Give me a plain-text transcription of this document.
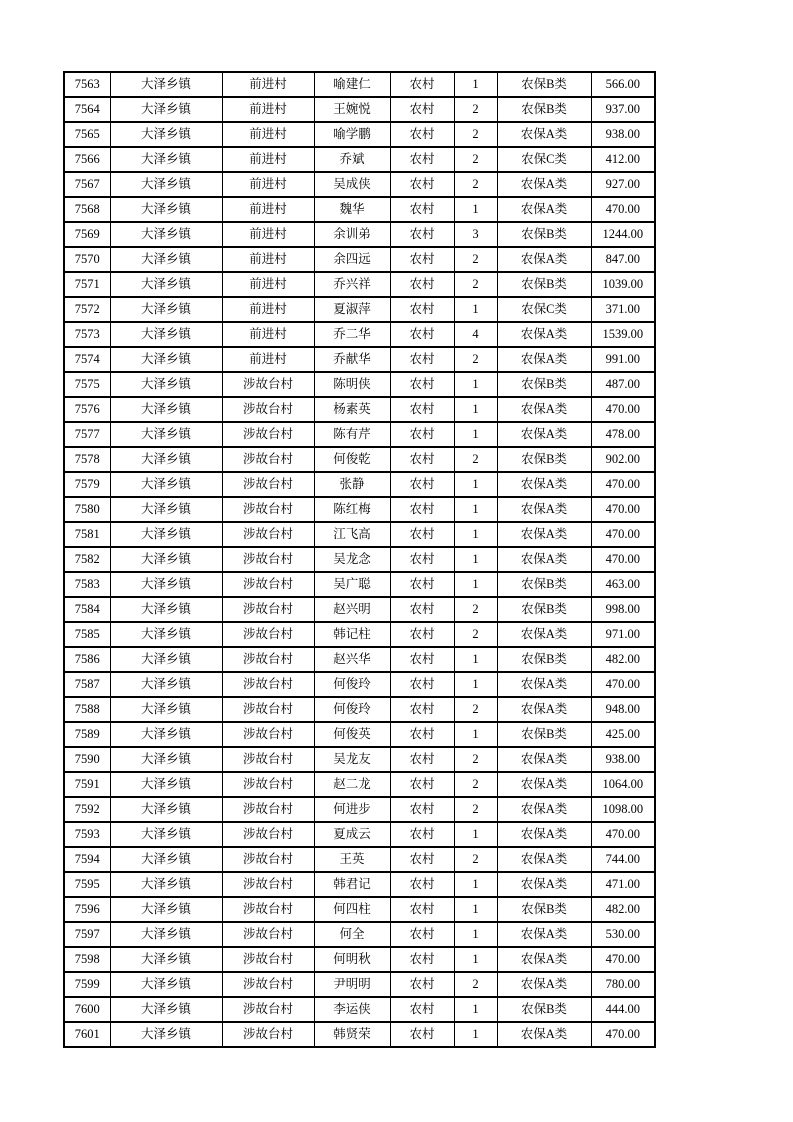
7563	大泽乡镇	前进村	喻建仁	农村	1	农保B类	566.00
7564	大泽乡镇	前进村	王婉悦	农村	2	农保B类	937.00
7565	大泽乡镇	前进村	喻学鹏	农村	2	农保A类	938.00
7566	大泽乡镇	前进村	乔斌	农村	2	农保C类	412.00
7567	大泽乡镇	前进村	吴成侠	农村	2	农保A类	927.00
7568	大泽乡镇	前进村	魏华	农村	1	农保A类	470.00
7569	大泽乡镇	前进村	余训弟	农村	3	农保B类	1244.00
7570	大泽乡镇	前进村	余四远	农村	2	农保A类	847.00
7571	大泽乡镇	前进村	乔兴祥	农村	2	农保B类	1039.00
7572	大泽乡镇	前进村	夏淑萍	农村	1	农保C类	371.00
7573	大泽乡镇	前进村	乔二华	农村	4	农保A类	1539.00
7574	大泽乡镇	前进村	乔献华	农村	2	农保A类	991.00
7575	大泽乡镇	涉故台村	陈明侠	农村	1	农保B类	487.00
7576	大泽乡镇	涉故台村	杨素英	农村	1	农保A类	470.00
7577	大泽乡镇	涉故台村	陈有芹	农村	1	农保A类	478.00
7578	大泽乡镇	涉故台村	何俊乾	农村	2	农保B类	902.00
7579	大泽乡镇	涉故台村	张静	农村	1	农保A类	470.00
7580	大泽乡镇	涉故台村	陈红梅	农村	1	农保A类	470.00
7581	大泽乡镇	涉故台村	江飞高	农村	1	农保A类	470.00
7582	大泽乡镇	涉故台村	吴龙念	农村	1	农保A类	470.00
7583	大泽乡镇	涉故台村	吴广聪	农村	1	农保B类	463.00
7584	大泽乡镇	涉故台村	赵兴明	农村	2	农保B类	998.00
7585	大泽乡镇	涉故台村	韩记柱	农村	2	农保A类	971.00
7586	大泽乡镇	涉故台村	赵兴华	农村	1	农保B类	482.00
7587	大泽乡镇	涉故台村	何俊玲	农村	1	农保A类	470.00
7588	大泽乡镇	涉故台村	何俊玲	农村	2	农保A类	948.00
7589	大泽乡镇	涉故台村	何俊英	农村	1	农保B类	425.00
7590	大泽乡镇	涉故台村	吴龙友	农村	2	农保A类	938.00
7591	大泽乡镇	涉故台村	赵二龙	农村	2	农保A类	1064.00
7592	大泽乡镇	涉故台村	何进步	农村	2	农保A类	1098.00
7593	大泽乡镇	涉故台村	夏成云	农村	1	农保A类	470.00
7594	大泽乡镇	涉故台村	王英	农村	2	农保A类	744.00
7595	大泽乡镇	涉故台村	韩君记	农村	1	农保A类	471.00
7596	大泽乡镇	涉故台村	何四柱	农村	1	农保B类	482.00
7597	大泽乡镇	涉故台村	何全	农村	1	农保A类	530.00
7598	大泽乡镇	涉故台村	何明秋	农村	1	农保A类	470.00
7599	大泽乡镇	涉故台村	尹明明	农村	2	农保A类	780.00
7600	大泽乡镇	涉故台村	李运侠	农村	1	农保B类	444.00
7601	大泽乡镇	涉故台村	韩贤荣	农村	1	农保A类	470.00
